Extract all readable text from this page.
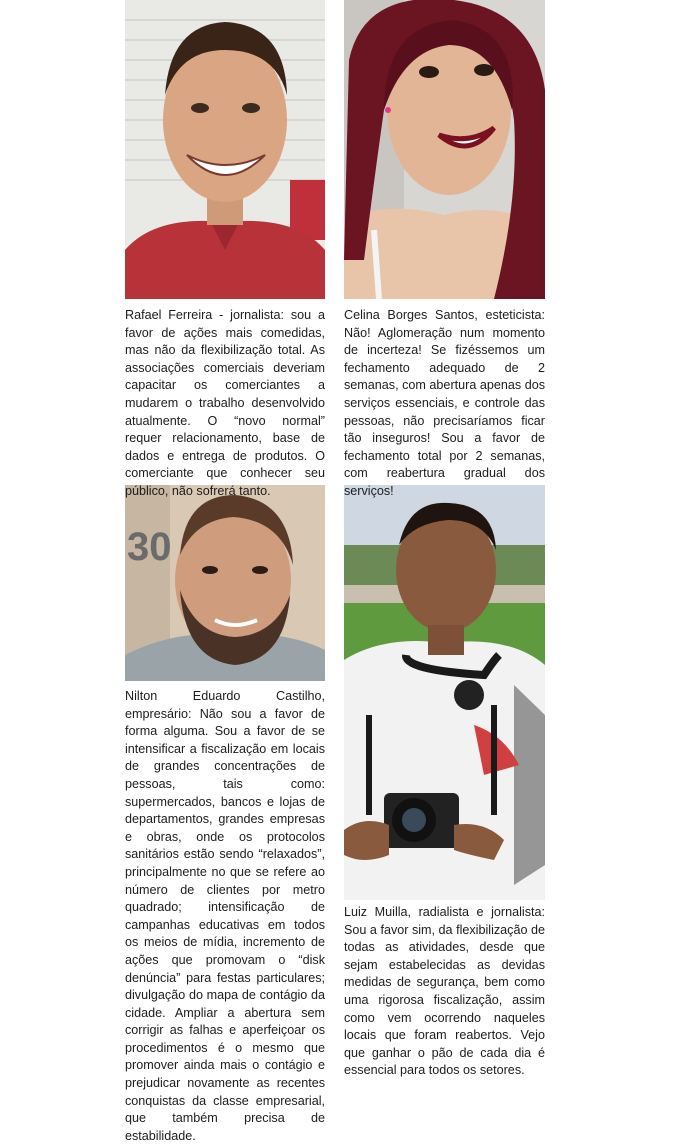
30
Rafael Ferreira - jornalista: sou a favor de ações mais comedidas, mas não da flexibilização total. As associações comerciais deveriam capacitar os comerciantes a mudarem o trabalho desenvolvido atualmente. O “novo normal” requer relacionamento, base de dados e entrega de produtos. O comerciante que conhecer seu público, não sofrerá tanto.
Celina Borges Santos, esteticista: Não! Aglomeração num momento de incerteza! Se fizéssemos um fechamento adequado de 2 semanas, com abertura apenas dos serviços essenciais, e controle das pessoas, não precisaríamos ficar tão inseguros! Sou a favor de fechamento total por 2 semanas, com reabertura gradual dos serviços!
Nilton Eduardo Castilho, empresário: Não sou a favor de forma alguma. Sou a favor de se intensificar a fiscalização em locais de grandes concentrações de pessoas, tais como: supermercados, bancos e lojas de departamentos, grandes empresas e obras, onde os protocolos sanitários estão sendo “relaxados”, principalmente no que se refere ao número de clientes por metro quadrado; intensificação de campanhas educativas em todos os meios de mídia, incremento de ações que promovam o “disk denúncia” para festas particulares; divulgação do mapa de contágio da cidade. Ampliar a abertura sem corrigir as falhas e aperfeiçoar os procedimentos é o mesmo que promover ainda mais o contágio e prejudicar novamente as recentes conquistas da classe empresarial, que também precisa de estabilidade.
Luiz Muilla, radialista e jornalista: Sou a favor sim, da flexibilização de todas as atividades, desde que sejam estabelecidas as devidas medidas de segurança, bem como uma rigorosa fiscalização, assim como vem ocorrendo naqueles locais que foram reabertos. Vejo que ganhar o pão de cada dia é essencial para todos os setores.
